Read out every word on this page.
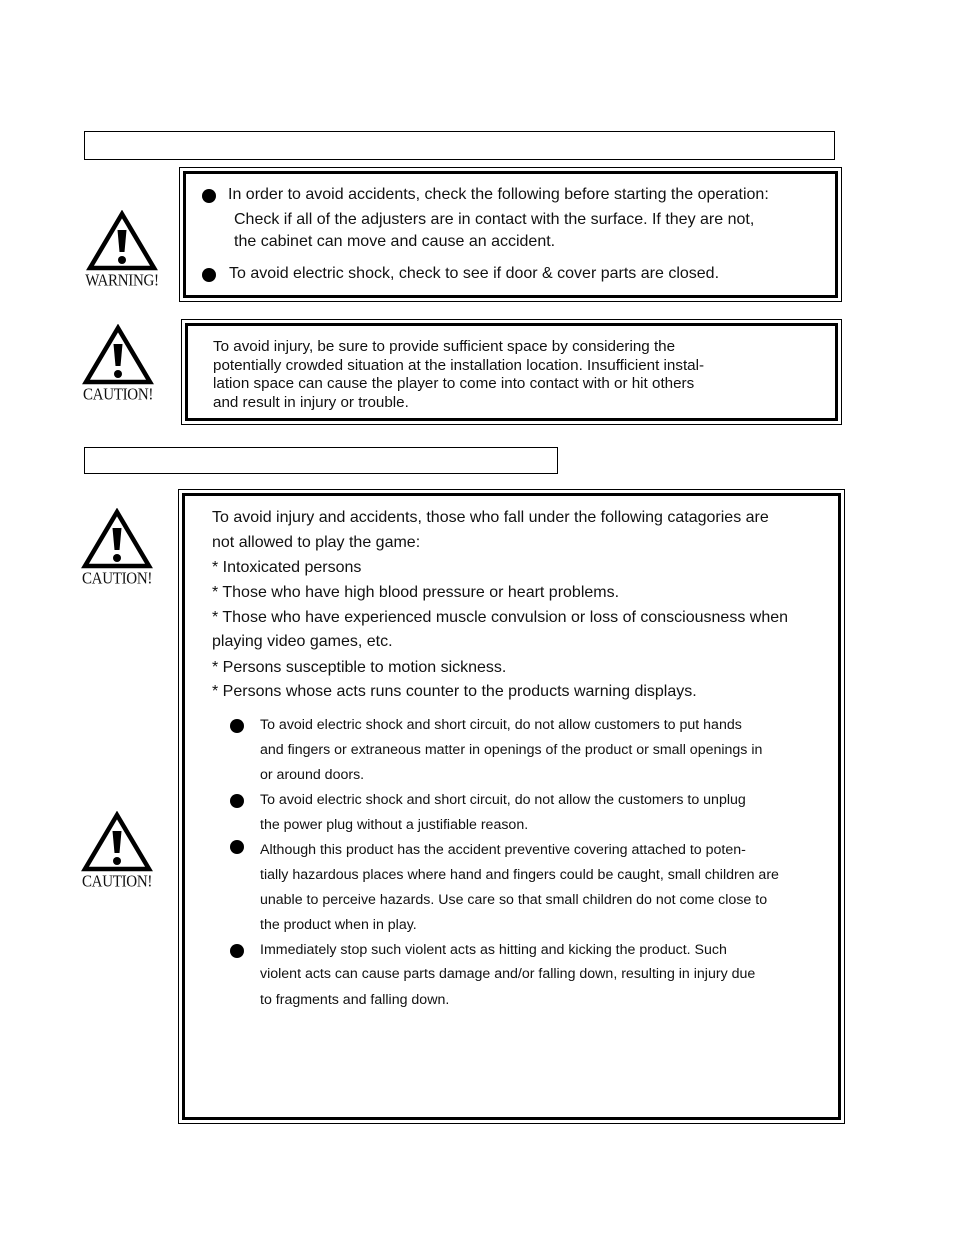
WARNING!
In order to avoid accidents, check the following before starting the operation:
Check if all of the adjusters are in contact with the surface. If they are not,
the cabinet can move and cause an accident.
To avoid electric shock, check to see if door & cover parts are closed.
CAUTION!
To avoid injury, be sure to provide sufficient space by considering the
potentially crowded situation at the installation location. Insufficient instal-
lation space can cause the player to come into contact with or hit others
and result in injury or trouble.
CAUTION!
CAUTION!
To avoid injury and accidents, those who fall under the following catagories are
not allowed to play the game:
* Intoxicated persons
* Those who have high blood pressure or heart problems.
* Those who have experienced muscle convulsion or loss of consciousness when
playing video games, etc.
* Persons susceptible to motion sickness.
* Persons whose acts runs counter to the products warning displays.
To avoid electric shock and short circuit, do not allow customers to put hands
and fingers or extraneous matter in openings of the product or small openings in
or around doors.
To avoid electric shock and short circuit, do not allow the customers to unplug
the power plug without a justifiable reason.
Although this product has the accident preventive covering attached to poten-
tially hazardous places where hand and fingers could be caught, small children are
unable to perceive hazards. Use care so that small children do not come close to
the product when in play.
Immediately stop such violent acts as hitting and kicking the product. Such
violent acts can cause parts damage and/or falling down, resulting in injury due
to fragments and falling down.
